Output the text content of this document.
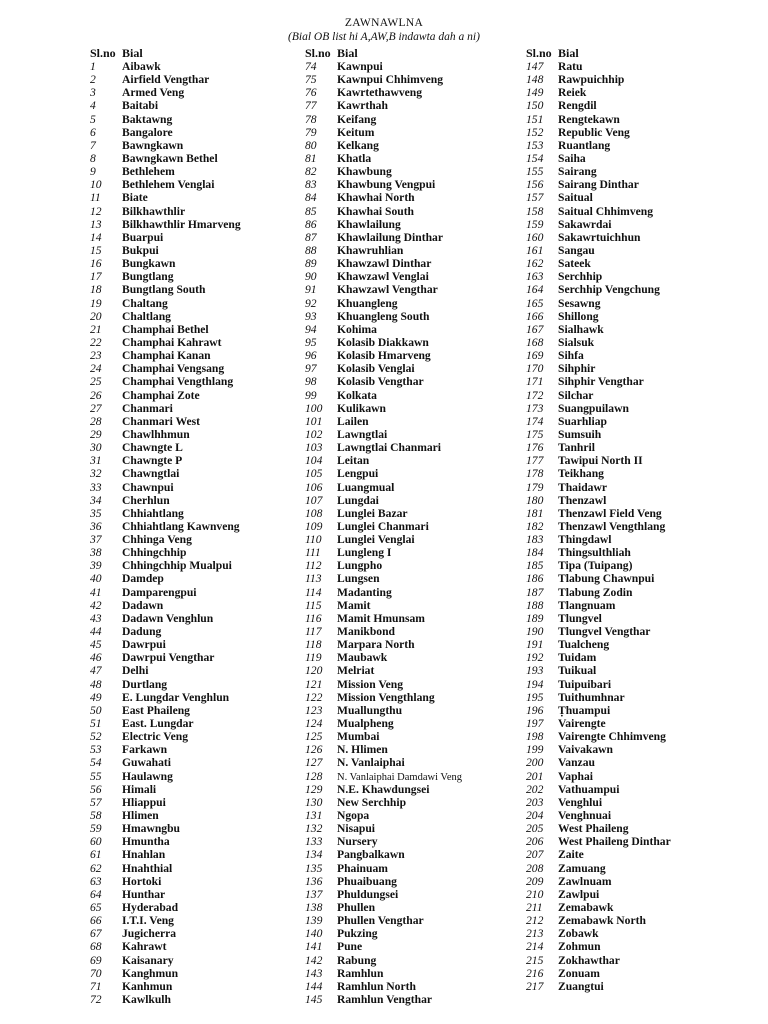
ZAWNAWLNA
(Bial OB list hi A,AW,B indawta dah a ni)
Sl.no Bial
1 Aibawk
2 Airfield Vengthar
3 Armed Veng
4 Baitabi
5 Baktawng
6 Bangalore
7 Bawngkawn
8 Bawngkawn Bethel
9 Bethlehem
10 Bethlehem Venglai
11 Biate
12 Bilkhawthlir
13 Bilkhawthlir Hmarveng
14 Buarpui
15 Bukpui
16 Bungkawn
17 Bungtlang
18 Bungtlang South
19 Chaltang
20 Chaltlang
21 Champhai Bethel
22 Champhai Kahrawt
23 Champhai Kanan
24 Champhai Vengsang
25 Champhai Vengthlang
26 Champhai Zote
27 Chanmari
28 Chanmari West
29 Chawlhhmun
30 Chawngte L
31 Chawngte P
32 Chawngtlai
33 Chawnpui
34 Cherhlun
35 Chhiahtlang
36 Chhiahtlang Kawnveng
37 Chhinga Veng
38 Chhingchhip
39 Chhingchhip Mualpui
40 Damdep
41 Damparengpui
42 Dadawn
43 Dadawn Venghlun
44 Dadung
45 Dawrpui
46 Dawrpui Vengthar
47 Delhi
48 Durtlang
49 E. Lungdar Venghlun
50 East Phaileng
51 East. Lungdar
52 Electric Veng
53 Farkawn
54 Guwahati
55 Haulawng
56 Himali
57 Hliappui
58 Hlimen
59 Hmawngbu
60 Hmuntha
61 Hnahlan
62 Hnahthial
63 Hortoki
64 Hunthar
65 Hyderabad
66 I.T.I. Veng
67 Jugicherra
68 Kahrawt
69 Kaisanary
70 Kanghmun
71 Kanhmun
72 Kawlkulh
Sl.no Bial
74 Kawnpui
75 Kawnpui Chhimveng
76 Kawrtethawveng
77 Kawrthah
78 Keifang
79 Keitum
80 Kelkang
81 Khatla
82 Khawbung
83 Khawbung Vengpui
84 Khawhai North
85 Khawhai South
86 Khawlailung
87 Khawlailung Dinthar
88 Khawruhlian
89 Khawzawl Dinthar
90 Khawzawl Venglai
91 Khawzawl Vengthar
92 Khuangleng
93 Khuangleng South
94 Kohima
95 Kolasib Diakkawn
96 Kolasib Hmarveng
97 Kolasib Venglai
98 Kolasib Vengthar
99 Kolkata
100 Kulikawn
101 Lailen
102 Lawngtlai
103 Lawngtlai Chanmari
104 Leitan
105 Lengpui
106 Luangmual
107 Lungdai
108 Lunglei Bazar
109 Lunglei Chanmari
110 Lunglei Venglai
111 Lungleng I
112 Lungpho
113 Lungsen
114 Madanting
115 Mamit
116 Mamit Hmunsam
117 Manikbond
118 Marpara North
119 Maubawk
120 Melriat
121 Mission Veng
122 Mission Vengthlang
123 Muallungthu
124 Mualpheng
125 Mumbai
126 N. Hlimen
127 N. Vanlaiphai
128 N. Vanlaiphai Damdawi Veng
129 N.E. Khawdungsei
130 New Serchhip
131 Ngopa
132 Nisapui
133 Nursery
134 Pangbalkawn
135 Phainuam
136 Phuaibuang
137 Phuldungsei
138 Phullen
139 Phullen Vengthar
140 Pukzing
141 Pune
142 Rabung
143 Ramhlun
144 Ramhlun North
145 Ramhlun Vengthar
Sl.no Bial
147 Ratu
148 Rawpuichhip
149 Reiek
150 Rengdil
151 Rengtekawn
152 Republic Veng
153 Ruantlang
154 Saiha
155 Sairang
156 Sairang Dinthar
157 Saitual
158 Saitual Chhimveng
159 Sakawrdai
160 Sakawrtuichhun
161 Sangau
162 Sateek
163 Serchhip
164 Serchhip Vengchung
165 Sesawng
166 Shillong
167 Sialhawk
168 Sialsuk
169 Sihfa
170 Sihphir
171 Sihphir Vengthar
172 Silchar
173 Suangpuilawn
174 Suarhliap
175 Sumsuih
176 Tanhril
177 Tawipui North II
178 Teikhang
179 Thaidawr
180 Thenzawl
181 Thenzawl Field Veng
182 Thenzawl Vengthlang
183 Thingdawl
184 Thingsulthliah
185 Tipa (Tuipang)
186 Tlabung Chawnpui
187 Tlabung Zodin
188 Tlangnuam
189 Tlungvel
190 Tlungvel Vengthar
191 Tualcheng
192 Tuidam
193 Tuikual
194 Tuipuibari
195 Tuithumhnar
196 Ṭhuampui
197 Vairengte
198 Vairengte Chhimveng
199 Vaivakawn
200 Vanzau
201 Vaphai
202 Vathuampui
203 Venghlui
204 Venghnuai
205 West Phaileng
206 West Phaileng Dinthar
207 Zaite
208 Zamuang
209 Zawlnuam
210 Zawlpui
211 Zemabawk
212 Zemabawk North
213 Zobawk
214 Zohmun
215 Zokhawthar
216 Zonuam
217 Zuangtui
